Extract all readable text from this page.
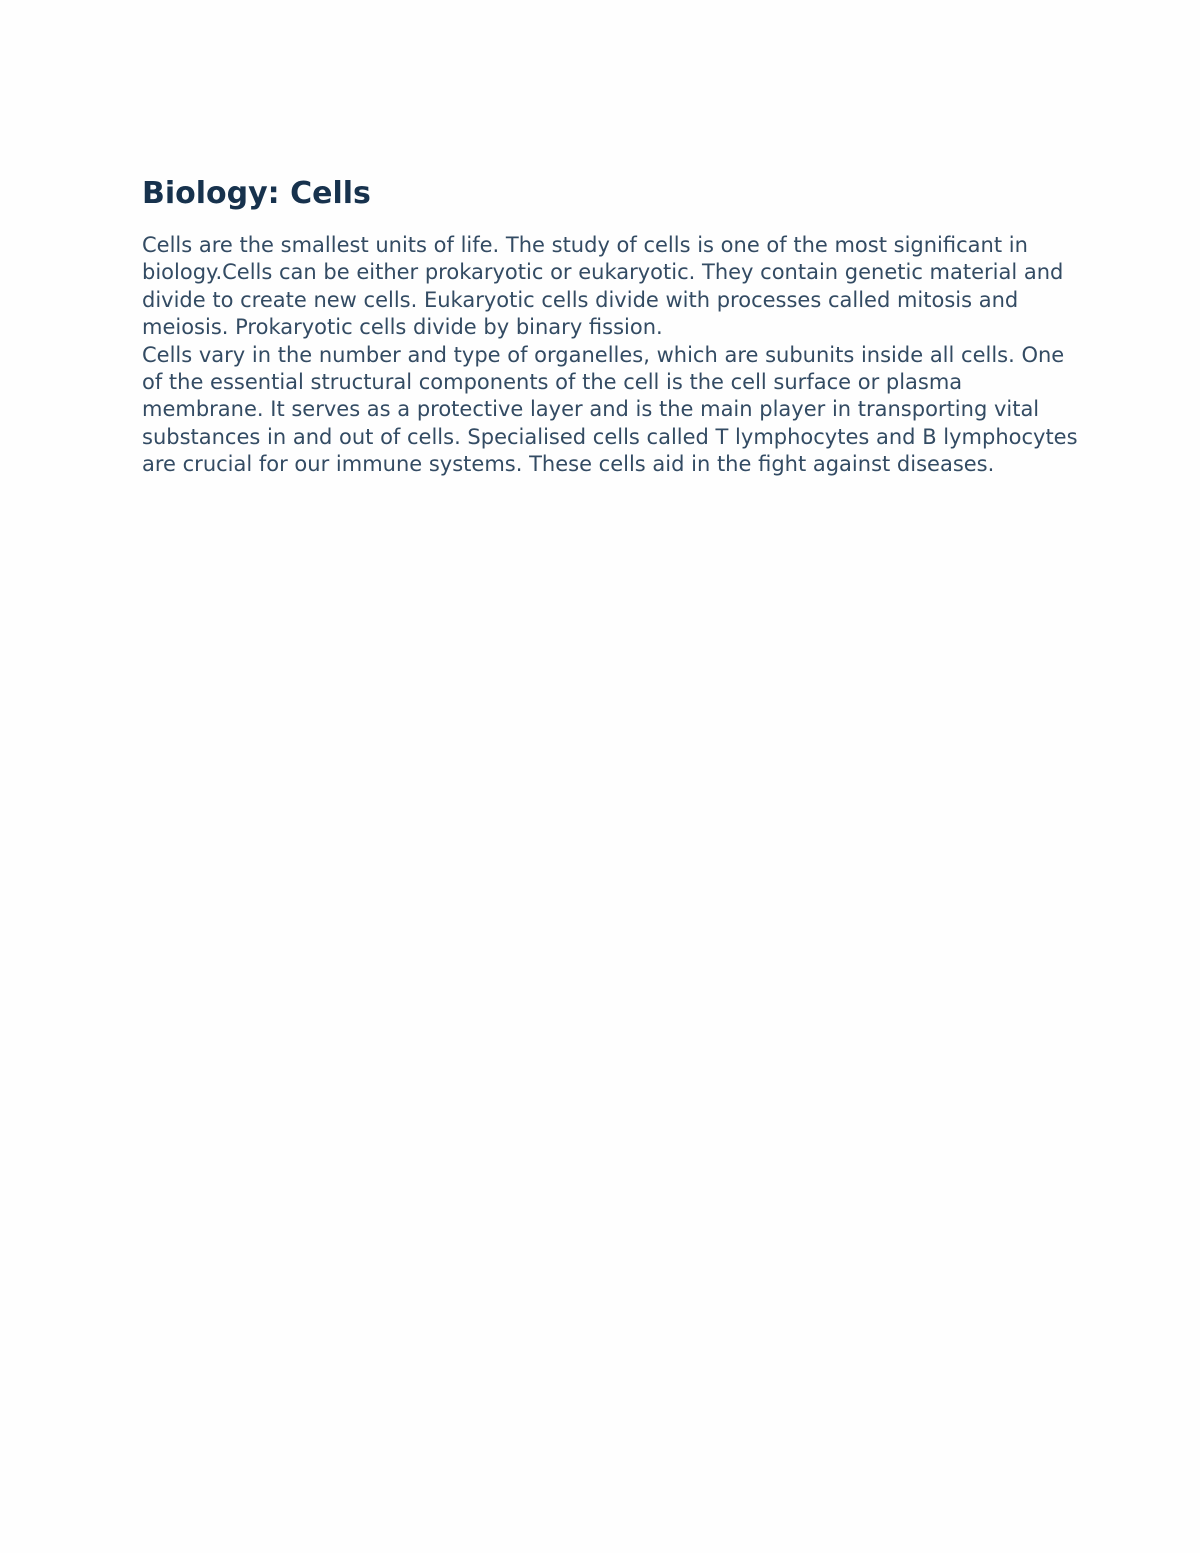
Biology: Cells

Cells are the smallest units of life. The study of cells is one of the most significant in biology.Cells can be either prokaryotic or eukaryotic. They contain genetic material and divide to create new cells. Eukaryotic cells divide with processes called mitosis and meiosis. Prokaryotic cells divide by binary fission.

Cells vary in the number and type of organelles, which are subunits inside all cells. One of the essential structural components of the cell is the cell surface or plasma membrane. It serves as a protective layer and is the main player in transporting vital substances in and out of cells. Specialised cells called T lymphocytes and B lymphocytes are crucial for our immune systems. These cells aid in the fight against diseases.
